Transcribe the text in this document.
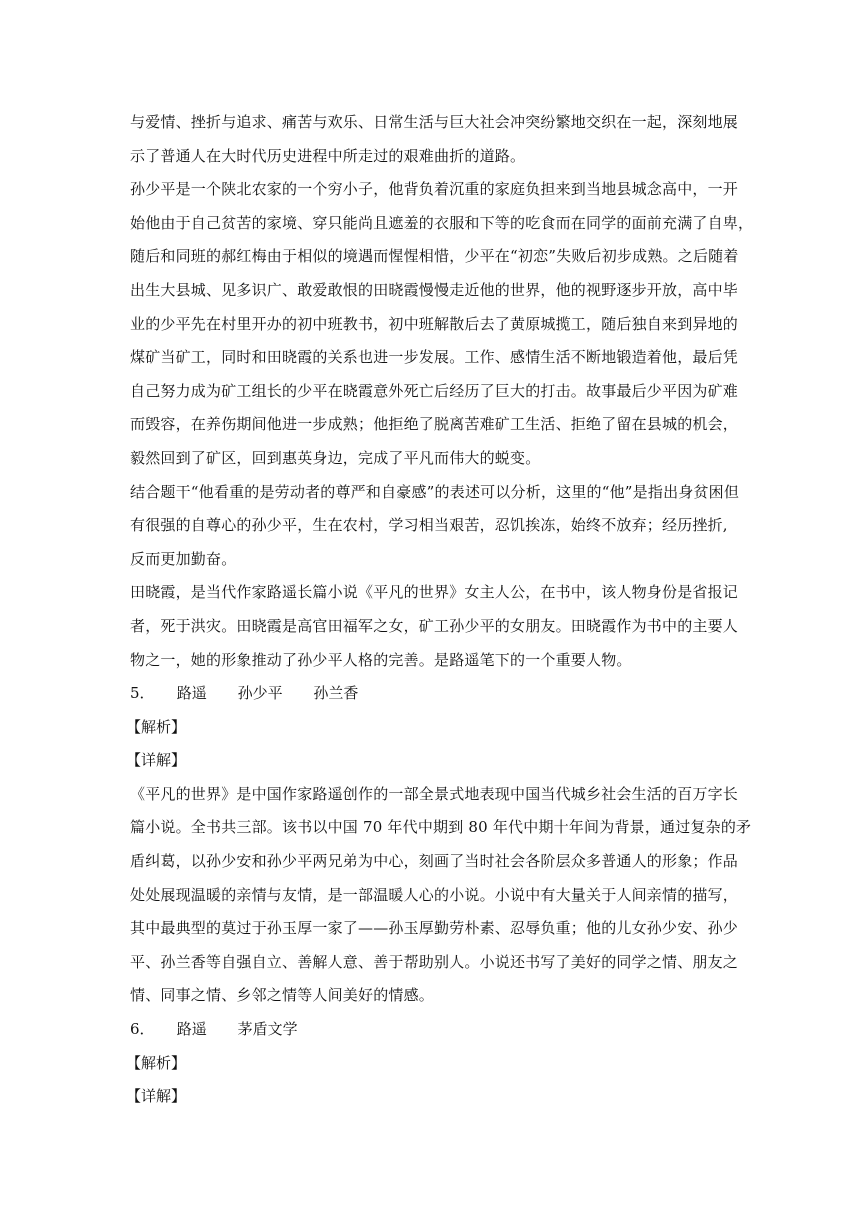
与爱情、挫折与追求、痛苦与欢乐、日常生活与巨大社会冲突纷繁地交织在一起，深刻地展
示了普通人在大时代历史进程中所走过的艰难曲折的道路。
孙少平是一个陕北农家的一个穷小子，他背负着沉重的家庭负担来到当地县城念高中，一开
始他由于自己贫苦的家境、穿只能尚且遮羞的衣服和下等的吃食而在同学的面前充满了自卑，
随后和同班的郝红梅由于相似的境遇而惺惺相惜，少平在“初恋”失败后初步成熟。之后随着
出生大县城、见多识广、敢爱敢恨的田晓霞慢慢走近他的世界，他的视野逐步开放，高中毕
业的少平先在村里开办的初中班教书，初中班解散后去了黄原城揽工，随后独自来到异地的
煤矿当矿工，同时和田晓霞的关系也进一步发展。工作、感情生活不断地锻造着他，最后凭
自己努力成为矿工组长的少平在晓霞意外死亡后经历了巨大的打击。故事最后少平因为矿难
而毁容，在养伤期间他进一步成熟；他拒绝了脱离苦难矿工生活、拒绝了留在县城的机会，
毅然回到了矿区，回到惠英身边，完成了平凡而伟大的蜕变。
结合题干“他看重的是劳动者的尊严和自豪感”的表述可以分析，这里的“他”是指出身贫困但
有很强的自尊心的孙少平，生在农村，学习相当艰苦，忍饥挨冻，始终不放弃；经历挫折,
反而更加勤奋。
田晓霞，是当代作家路遥长篇小说《平凡的世界》女主人公，在书中，该人物身份是省报记
者，死于洪灾。田晓霞是高官田福军之女，矿工孙少平的女朋友。田晓霞作为书中的主要人
物之一，她的形象推动了孙少平人格的完善。是路遥笔下的一个重要人物。
5． 路遥 孙少平 孙兰香
【解析】
【详解】
《平凡的世界》是中国作家路遥创作的一部全景式地表现中国当代城乡社会生活的百万字长
篇小说。全书共三部。该书以中国 70 年代中期到 80 年代中期十年间为背景，通过复杂的矛
盾纠葛，以孙少安和孙少平两兄弟为中心，刻画了当时社会各阶层众多普通人的形象；作品
处处展现温暖的亲情与友情，是一部温暖人心的小说。小说中有大量关于人间亲情的描写，
其中最典型的莫过于孙玉厚一家了——孙玉厚勤劳朴素、忍辱负重；他的儿女孙少安、孙少
平、孙兰香等自强自立、善解人意、善于帮助别人。小说还书写了美好的同学之情、朋友之
情、同事之情、乡邻之情等人间美好的情感。
6． 路遥 茅盾文学
【解析】
【详解】
